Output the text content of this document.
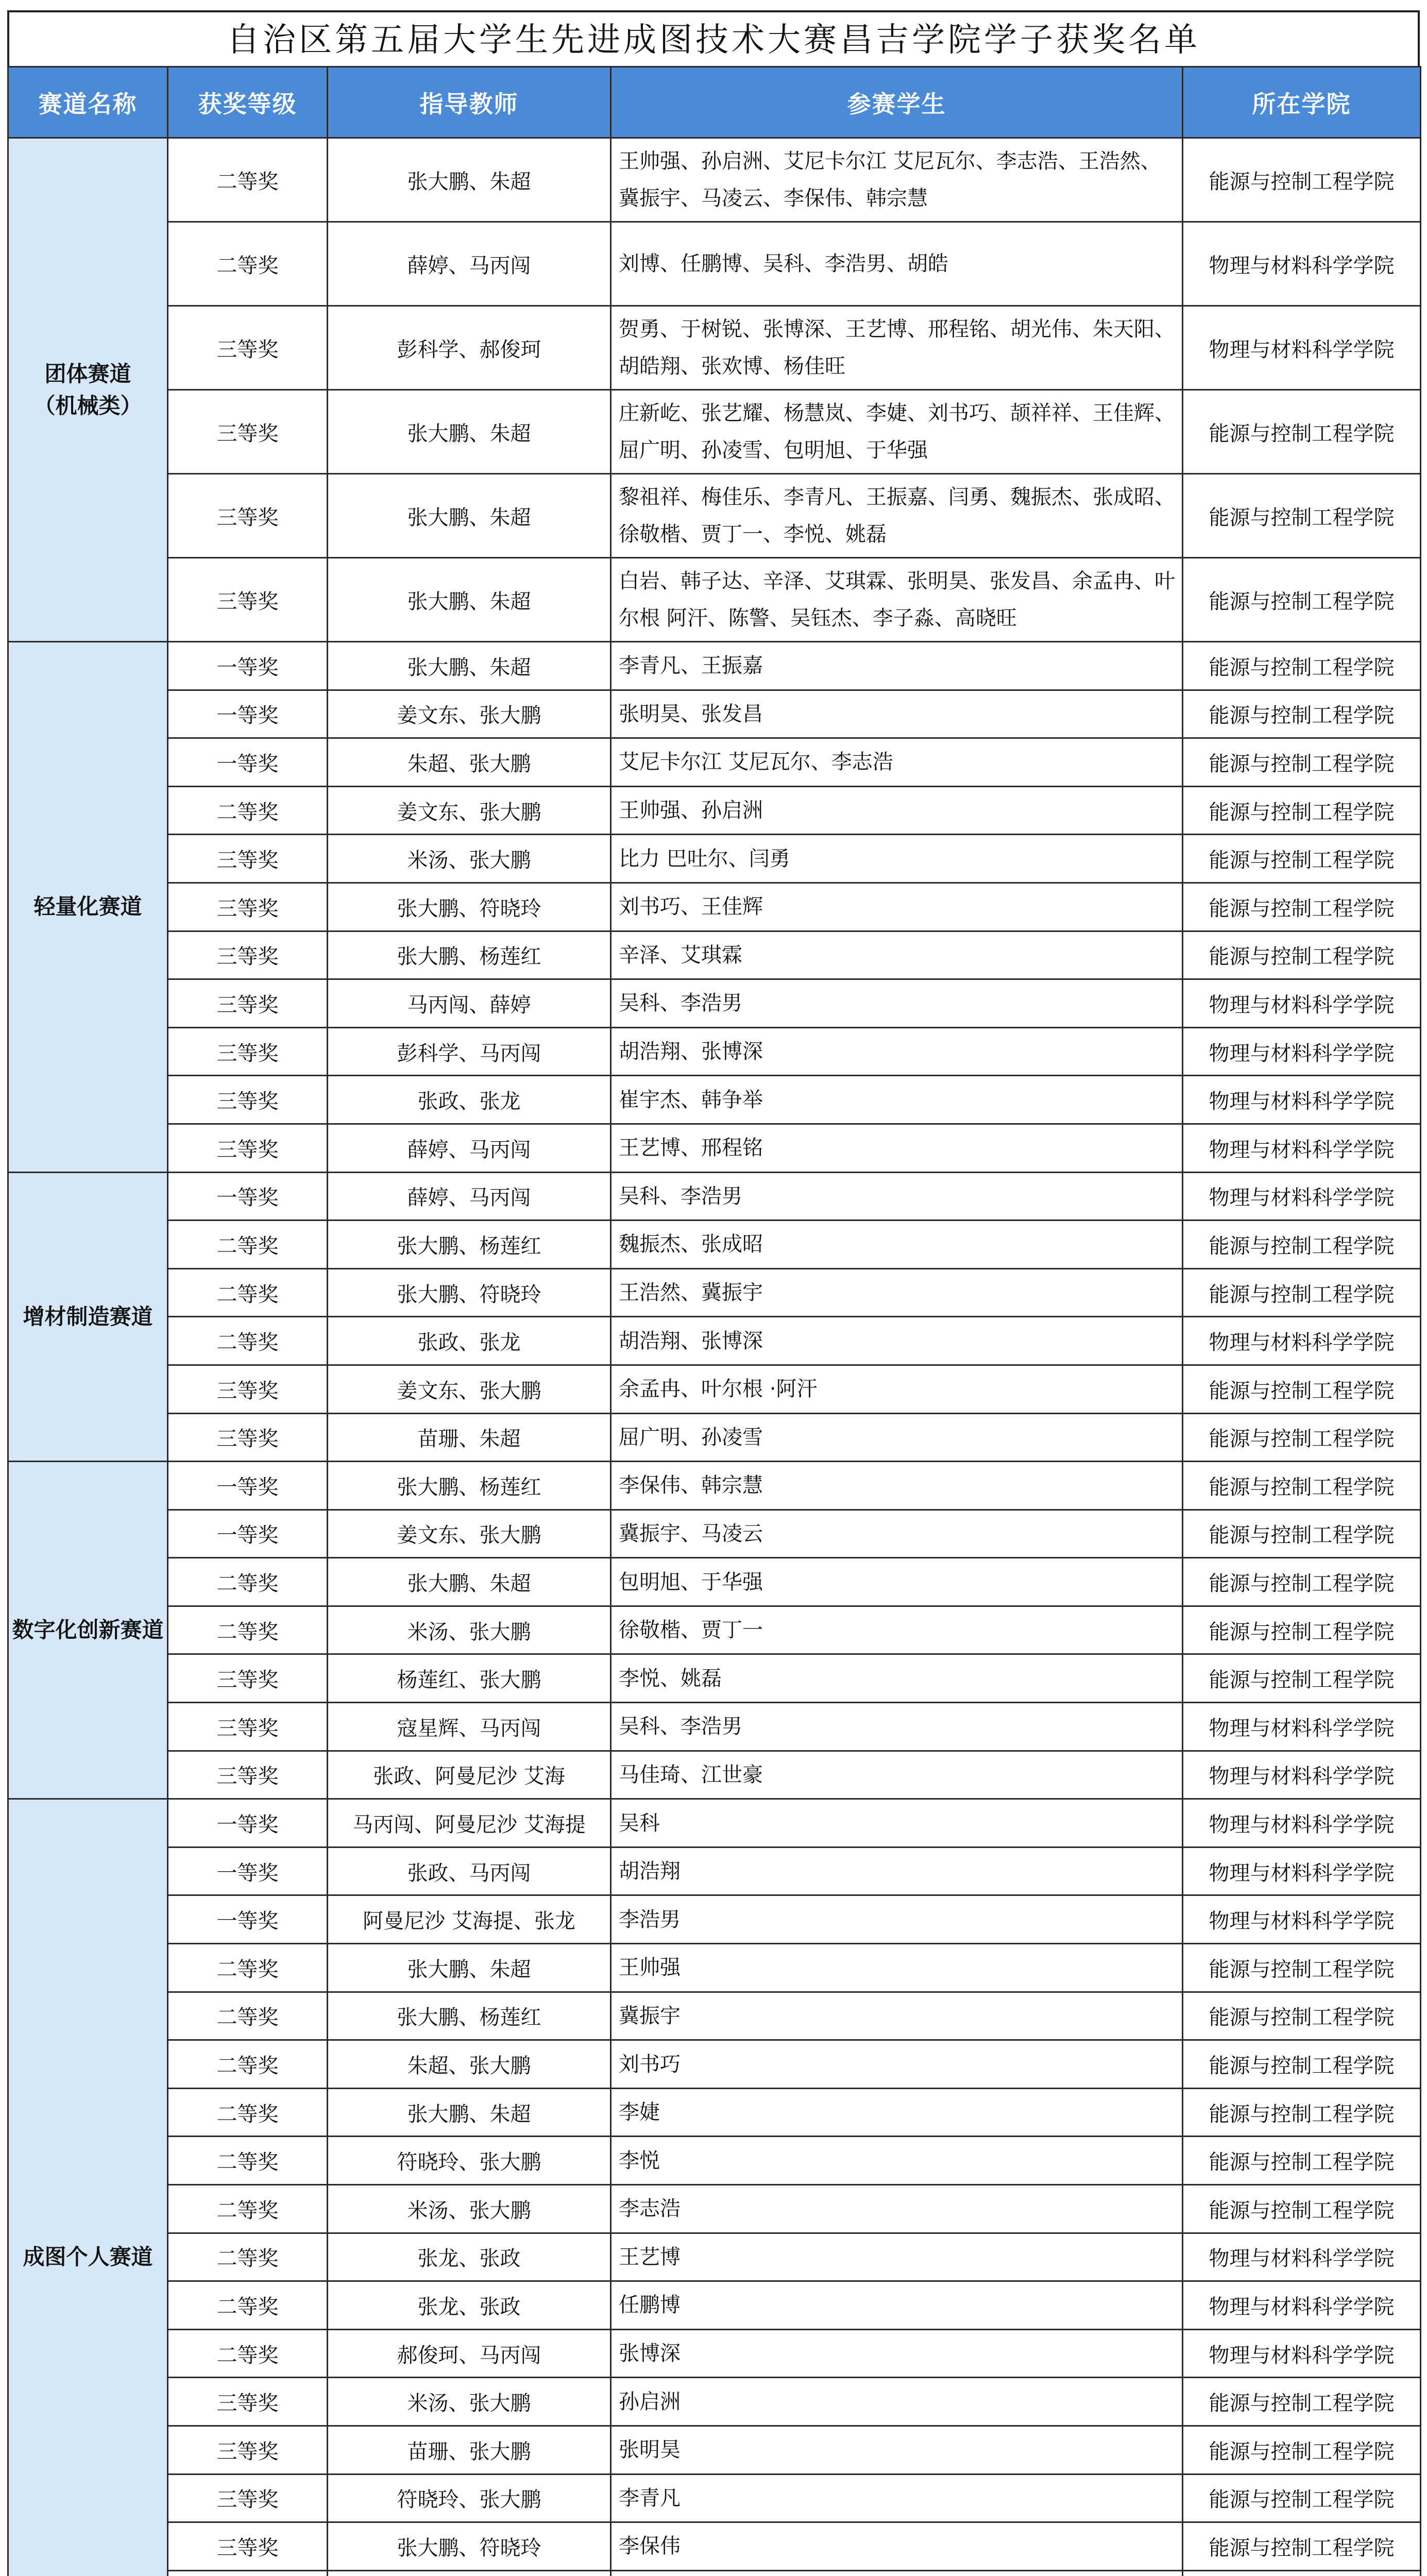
自治区第五届大学生先进成图技术大赛昌吉学院学子获奖名单
赛道名称	获奖等级	指导教师	参赛学生	所在学院

团体赛道
（机械类）	二等奖	张大鹏、朱超	王帅强、孙启洲、艾尼卡尔江 艾尼瓦尔、李志浩、王浩然、冀振宇、马凌云、李保伟、韩宗慧	能源与控制工程学院
	二等奖	薛婷、马丙闯	刘博、任鹏博、吴科、李浩男、胡皓	物理与材料科学学院
	三等奖	彭科学、郝俊珂	贺勇、于树锐、张博深、王艺博、邢程铭、胡光伟、朱天阳、胡皓翔、张欢博、杨佳旺	物理与材料科学学院
	三等奖	张大鹏、朱超	庄新屹、张艺耀、杨慧岚、李婕、刘书巧、颉祥祥、王佳辉、屈广明、孙凌雪、包明旭、于华强	能源与控制工程学院
	三等奖	张大鹏、朱超	黎祖祥、梅佳乐、李青凡、王振嘉、闫勇、魏振杰、张成昭、徐敬楷、贾丁一、李悦、姚磊	能源与控制工程学院
	三等奖	张大鹏、朱超	白岩、韩子达、辛泽、艾琪霖、张明昊、张发昌、余孟冉、叶尔根 阿汗、陈警、吴钰杰、李子淼、高晓旺	能源与控制工程学院

轻量化赛道	一等奖	张大鹏、朱超	李青凡、王振嘉	能源与控制工程学院
	一等奖	姜文东、张大鹏	张明昊、张发昌	能源与控制工程学院
	一等奖	朱超、张大鹏	艾尼卡尔江 艾尼瓦尔、李志浩	能源与控制工程学院
	二等奖	姜文东、张大鹏	王帅强、孙启洲	能源与控制工程学院
	三等奖	米汤、张大鹏	比力 巴吐尔、闫勇	能源与控制工程学院
	三等奖	张大鹏、符晓玲	刘书巧、王佳辉	能源与控制工程学院
	三等奖	张大鹏、杨莲红	辛泽、艾琪霖	能源与控制工程学院
	三等奖	马丙闯、薛婷	吴科、李浩男	物理与材料科学学院
	三等奖	彭科学、马丙闯	胡浩翔、张博深	物理与材料科学学院
	三等奖	张政、张龙	崔宇杰、韩争举	物理与材料科学学院
	三等奖	薛婷、马丙闯	王艺博、邢程铭	物理与材料科学学院

增材制造赛道	一等奖	薛婷、马丙闯	吴科、李浩男	物理与材料科学学院
	二等奖	张大鹏、杨莲红	魏振杰、张成昭	能源与控制工程学院
	二等奖	张大鹏、符晓玲	王浩然、冀振宇	能源与控制工程学院
	二等奖	张政、张龙	胡浩翔、张博深	物理与材料科学学院
	三等奖	姜文东、张大鹏	余孟冉、叶尔根 ·阿汗	能源与控制工程学院
	三等奖	苗珊、朱超	屈广明、孙凌雪	能源与控制工程学院

数字化创新赛道	一等奖	张大鹏、杨莲红	李保伟、韩宗慧	能源与控制工程学院
	一等奖	姜文东、张大鹏	冀振宇、马凌云	能源与控制工程学院
	二等奖	张大鹏、朱超	包明旭、于华强	能源与控制工程学院
	二等奖	米汤、张大鹏	徐敬楷、贾丁一	能源与控制工程学院
	三等奖	杨莲红、张大鹏	李悦、姚磊	能源与控制工程学院
	三等奖	寇星辉、马丙闯	吴科、李浩男	物理与材料科学学院
	三等奖	张政、阿曼尼沙 艾海	马佳琦、江世豪	物理与材料科学学院

成图个人赛道	一等奖	马丙闯、阿曼尼沙 艾海提	吴科	物理与材料科学学院
	一等奖	张政、马丙闯	胡浩翔	物理与材料科学学院
	一等奖	阿曼尼沙 艾海提、张龙	李浩男	物理与材料科学学院
	二等奖	张大鹏、朱超	王帅强	能源与控制工程学院
	二等奖	张大鹏、杨莲红	冀振宇	能源与控制工程学院
	二等奖	朱超、张大鹏	刘书巧	能源与控制工程学院
	二等奖	张大鹏、朱超	李婕	能源与控制工程学院
	二等奖	符晓玲、张大鹏	李悦	能源与控制工程学院
	二等奖	米汤、张大鹏	李志浩	能源与控制工程学院
	二等奖	张龙、张政	王艺博	物理与材料科学学院
	二等奖	张龙、张政	任鹏博	物理与材料科学学院
	二等奖	郝俊珂、马丙闯	张博深	物理与材料科学学院
	三等奖	米汤、张大鹏	孙启洲	能源与控制工程学院
	三等奖	苗珊、张大鹏	张明昊	能源与控制工程学院
	三等奖	符晓玲、张大鹏	李青凡	能源与控制工程学院
	三等奖	张大鹏、符晓玲	李保伟	能源与控制工程学院
